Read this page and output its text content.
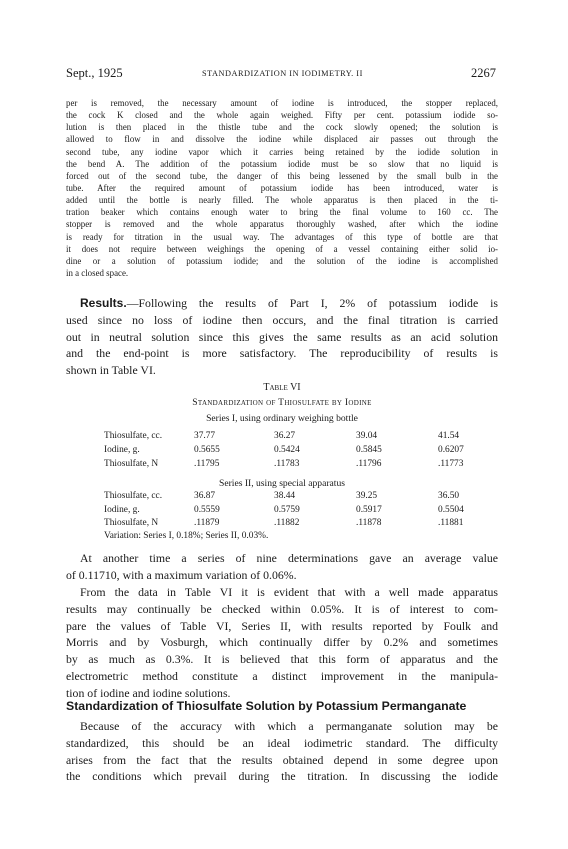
Sept., 1925	STANDARDIZATION IN IODIMETRY. II	2267
per is removed, the necessary amount of iodine is introduced, the stopper replaced,
the cock K closed and the whole again weighed. Fifty per cent. potassium iodide so-
lution is then placed in the thistle tube and the cock slowly opened; the solution is
allowed to flow in and dissolve the iodine while displaced air passes out through the
second tube, any iodine vapor which it carries being retained by the iodide solution in
the bend A. The addition of the potassium iodide must be so slow that no liquid is
forced out of the second tube, the danger of this being lessened by the small bulb in the
tube. After the required amount of potassium iodide has been introduced, water is
added until the bottle is nearly filled. The whole apparatus is then placed in the ti-
tration beaker which contains enough water to bring the final volume to 160 cc. The
stopper is removed and the whole apparatus thoroughly washed, after which the iodine
is ready for titration in the usual way. The advantages of this type of bottle are that
it does not require between weighings the opening of a vessel containing either solid io-
dine or a solution of potassium iodide; and the solution of the iodine is accomplished
in a closed space.
Results.—Following the results of Part I, 2% of potassium iodide is
used since no loss of iodine then occurs, and the final titration is carried
out in neutral solution since this gives the same results as an acid solution
and the end-point is more satisfactory. The reproducibility of results is
shown in Table VI.
Table VI
Standardization of Thiosulfate by Iodine
Series I, using ordinary weighing bottle
Thiosulfate, cc.	37.77	36.27	39.04	41.54
Iodine, g.	0.5655	0.5424	0.5845	0.6207
Thiosulfate, N	.11795	.11783	.11796	.11773
Series II, using special apparatus
Thiosulfate, cc.	36.87	38.44	39.25	36.50
Iodine, g.	0.5559	0.5759	0.5917	0.5504
Thiosulfate, N	.11879	.11882	.11878	.11881
Variation: Series I, 0.18%; Series II, 0.03%.
At another time a series of nine determinations gave an average value
of 0.11710, with a maximum variation of 0.06%.
From the data in Table VI it is evident that with a well made apparatus
results may continually be checked within 0.05%. It is of interest to com-
pare the values of Table VI, Series II, with results reported by Foulk and
Morris and by Vosburgh, which continually differ by 0.2% and sometimes
by as much as 0.3%. It is believed that this form of apparatus and the
electrometric method constitute a distinct improvement in the manipula-
tion of iodine and iodine solutions.
Standardization of Thiosulfate Solution by Potassium Permanganate
Because of the accuracy with which a permanganate solution may be
standardized, this should be an ideal iodimetric standard. The difficulty
arises from the fact that the results obtained depend in some degree upon
the conditions which prevail during the titration. In discussing the iodide
